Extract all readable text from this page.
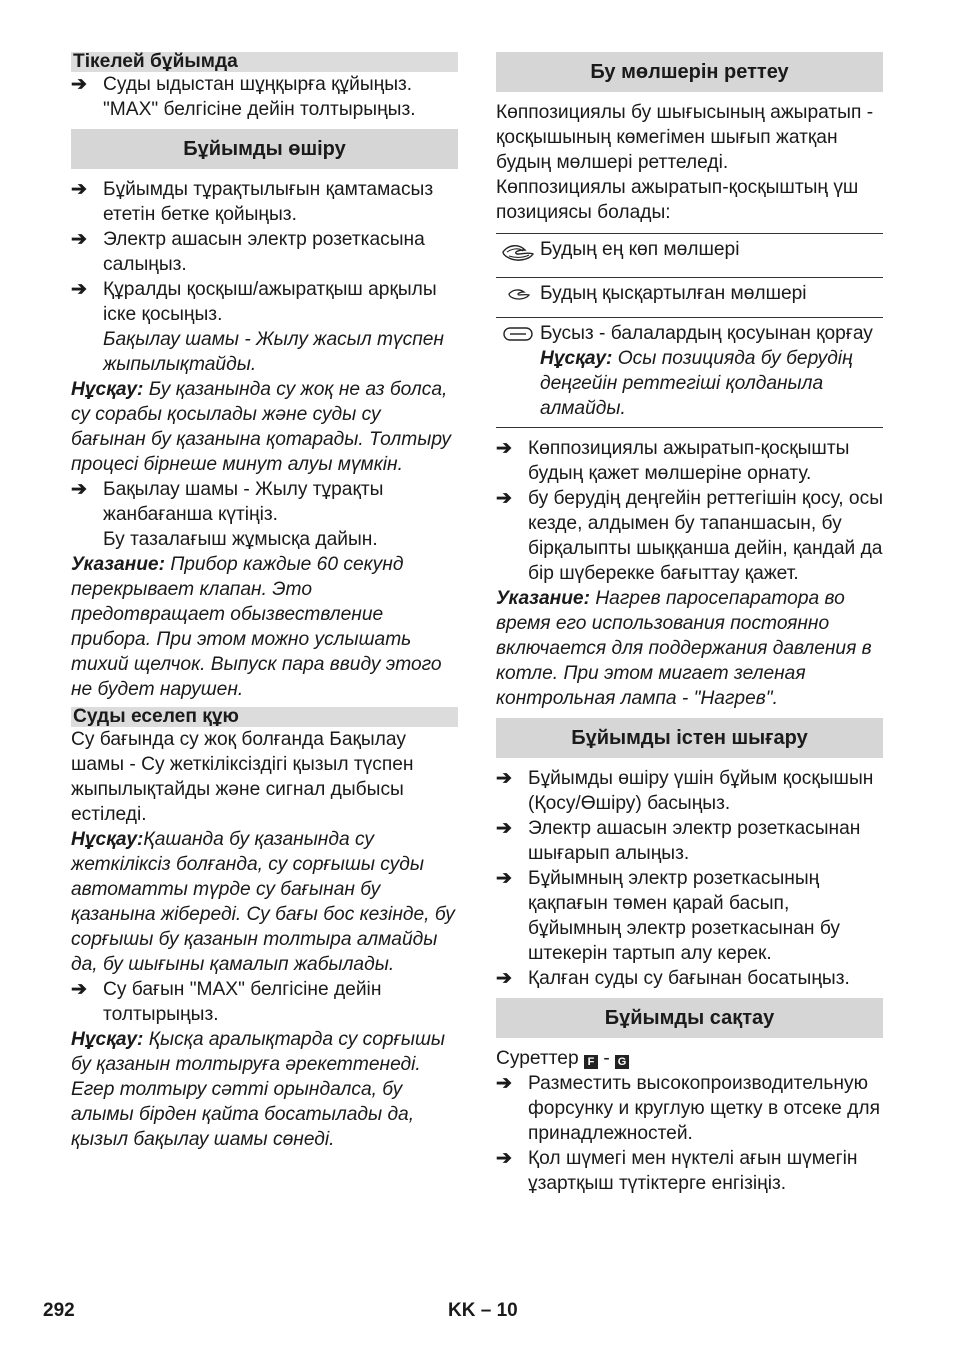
Тікелей бұйымда

➔ Суды ыдыстан шұңқырға құйыңыз. "MAX" белгісіне дейін толтырыңыз.

Бұйымды өшіру

➔ Бұйымды тұрақтылығын қамтамасыз ететін бетке қойыңыз.

➔ Электр ашасын электр розеткасына салыңыз.

➔ Құралды қосқыш/ажыратқыш арқылы іске қосыңыз.

Бақылау шамы - Жылу жасыл түспен жыпылықтайды.

Нұсқау: Бу қазанында су жоқ не аз болса, су сорабы қосылады және суды су бағынан бу қазанына қотарады. Толтыру процесі бірнеше минут алуы мүмкін.

➔ Бақылау шамы - Жылу тұрақты жанбағанша күтіңіз.

Бу тазалағыш жұмысқа дайын.

Указание: Прибор каждые 60 секунд перекрывает клапан. Это предотвращает обызвествление прибора. При этом можно услышать тихий щелчок. Выпуск пара ввиду этого не будет нарушен.

Суды еселеп құю

Су бағында су жоқ болғанда Бақылау шамы - Су жеткіліксіздігі қызыл түспен жыпылықтайды және сигнал дыбысы естіледі.

Нұсқау:Қашанда бу қазанында су жеткіліксіз болғанда, су сорғышы суды автоматты түрде су бағынан бу қазанына жібереді. Су бағы бос кезінде, бу сорғышы бу қазанын толтыра алмайды да, бу шығыны қамалып жабылады.

➔ Су бағын "MAX" белгісіне дейін толтырыңыз.

Нұсқау: Қысқа аралықтарда су сорғышы бу қазанын толтыруға әрекеттенеді. Егер толтыру сәтті орындалса, бу алымы бірден қайта босатылады да, қызыл бақылау шамы сөнеді.

Бу мөлшерін реттеу

Көппозициялы бу шығысының ажыратып - қосқышының көмегімен шығып жатқан будың мөлшері реттеледі.

Көппозициялы ажыратып-қосқыштың үш позициясы болады:

	Будың ең көп мөлшері
	Будың қысқартылған мөлшері

Бусыз - балалардың қосуынан қорғау
Нұсқау: Осы позицияда бу берудің деңгейін реттегіші қолданыла алмайды.

➔ Көппозициялы ажыратып-қосқышты будың қажет мөлшеріне орнату.

➔ бу берудің деңгейін реттегішін қосу, осы кезде, алдымен бу тапаншасын, бу бірқалыпты шыққанша дейін, қандай да бір шүберекке бағыттау қажет.

Указание: Нагрев паросепаратора во время его использования постоянно включается для поддержания давления в котле. При этом мигает зеленая контрольная лампа - "Нагрев".

Бұйымды істен шығару

➔ Бұйымды өшіру үшін бұйым қосқышын (Қосу/Өшіру) басыңыз.

➔ Электр ашасын электр розеткасынан шығарып алыңыз.

➔ Бұйымның электр розеткасының қақпағын төмен қарай басып, бұйымның электр розеткасынан бу штекерін тартып алу керек.

➔ Қалған суды су бағынан босатыңыз.

Бұйымды сақтау

Суреттер F - G

➔ Разместить высокопроизводительную форсунку и круглую щетку в отсеке для принадлежностей.

➔ Қол шүмегі мен нүктелі ағын шүмегін ұзартқыш түтіктерге енгізіңіз.

292	KK – 10
